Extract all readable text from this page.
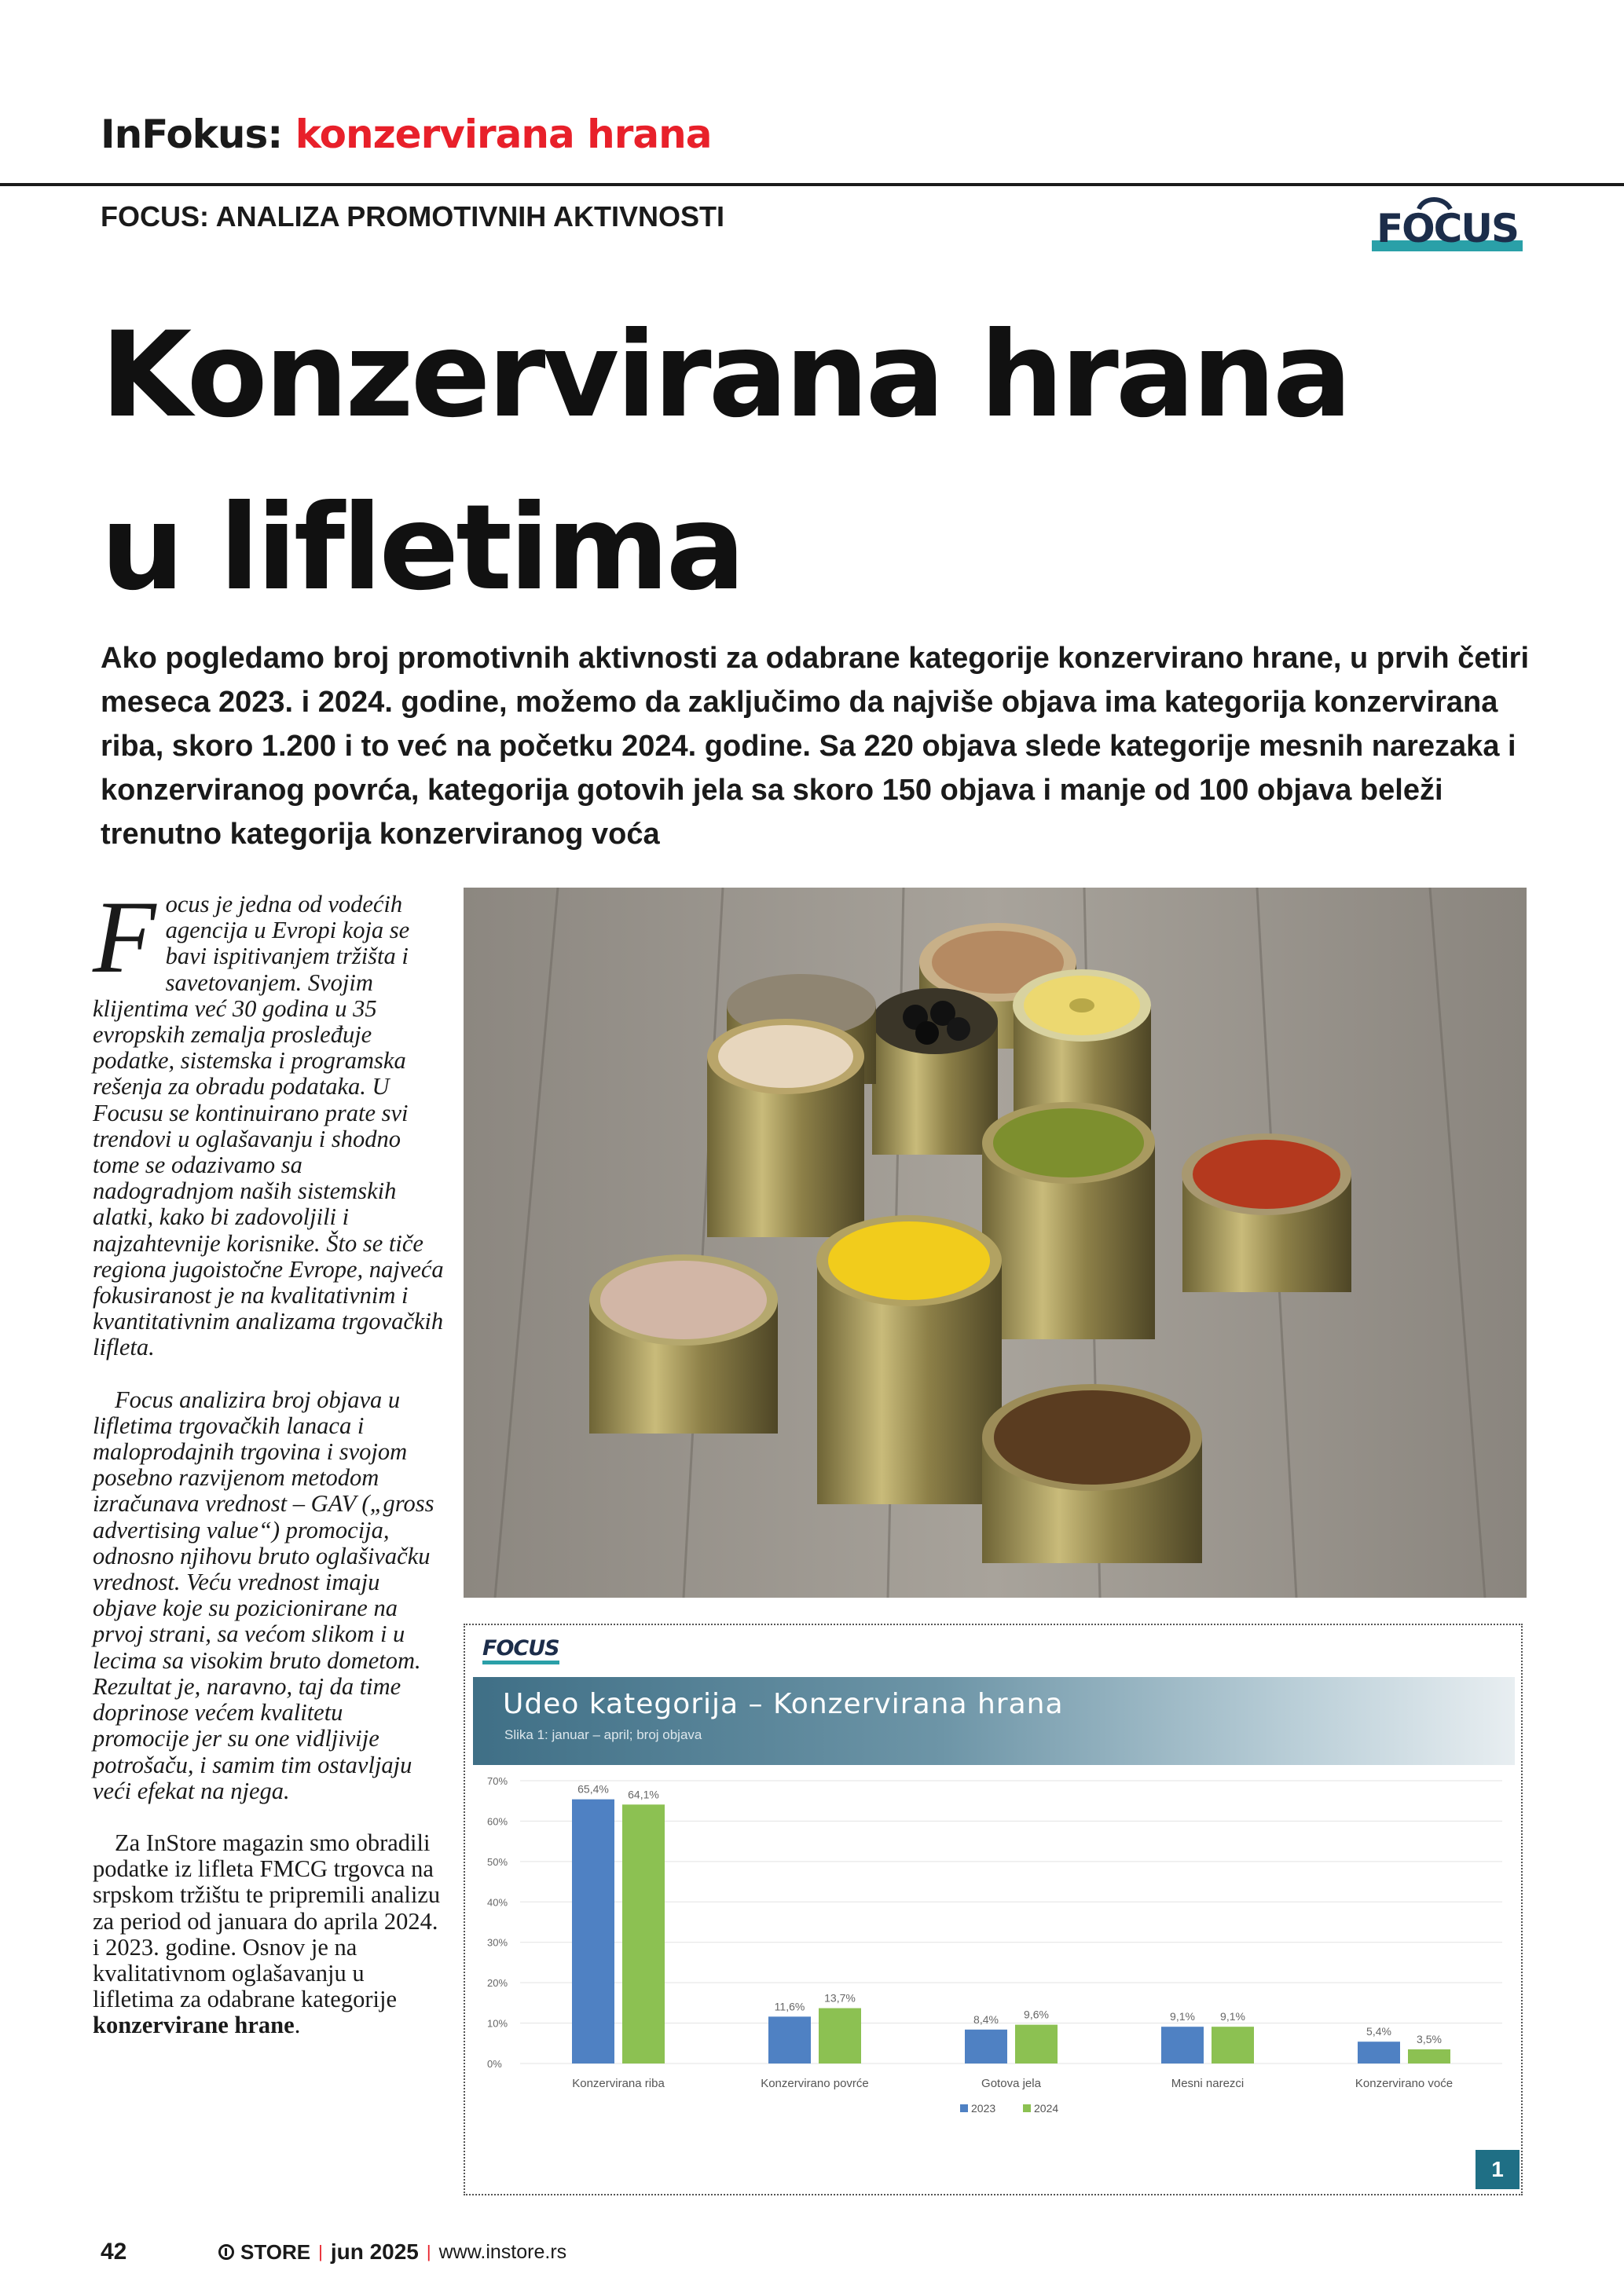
InFokus: konzervirana hrana
FOCUS: ANALIZA PROMOTIVNIH AKTIVNOSTI	FOCUS
Konzervirana hrana
u lifletima

Ako pogledamo broj promotivnih aktivnosti za odabrane kategorije konzervirano hrane, u prvih četiri meseca 2023. i 2024. godine, možemo da zaključimo da najviše objava ima kategorija konzervirana riba, skoro 1.200 i to već na početku 2024. godine. Sa 220 objava slede kategorije mesnih narezaka i konzerviranog povrća, kategorija gotovih jela sa skoro 150 objava i manje od 100 objava beleži trenutno kategorija konzerviranog voća

Focus je jedna od vodećih agencija u Evropi koja se bavi ispitivanjem tržišta i savetovanjem. Svojim klijentima već 30 godina u 35 evropskih zemalja prosleđuje podatke, sistemska i programska rešenja za obradu podataka. U Focusu se kontinuirano prate svi trendovi u oglašavanju i shodno tome se odazivamo sa nadogradnjom naših sistemskih alatki, kako bi zadovoljili i najzahtevnije korisnike. Što se tiče regiona jugoistočne Evrope, najveća fokusiranost je na kvalitativnim i kvantitativnim analizama trgovačkih lifleta.

Focus analizira broj objava u lifletima trgovačkih lanaca i maloprodajnih trgovina i svojom posebno razvijenom metodom izračunava vrednost – GAV („gross advertising value“) promocija, odnosno njihovu bruto oglašivačku vrednost. Veću vrednost imaju objave koje su pozicionirane na prvoj strani, sa većom slikom i u lecima sa visokim bruto dometom. Rezultat je, naravno, taj da time doprinose većem kvalitetu promocije jer su one vidljivije potrošaču, i samim tim ostavljaju veći efekat na njega.

Za InStore magazin smo obradili podatke iz lifleta FMCG trgovca na srpskom tržištu te pripremili analizu za period od januara do aprila 2024. i 2023. godine. Osnov je na kvalitativnom oglašavanju u lifletima za odabrane kategorije konzervirane hrane.

FOCUS
Udeo kategorija – Konzervirana hrana
Slika 1: januar – april; broj objava
0%
10%
20%
30%
40%
50%
60%
70%
65,4% 64,1%
Konzervirana riba
11,6%
13,7%
Konzervirano povrće
8,4% 9,6%
Gotova jela
9,1% 9,1%
Mesni narezci
5,4%
3,5%
Konzervirano voće
2023	2024
1
42	STORE | jun 2025 | www.instore.rs
